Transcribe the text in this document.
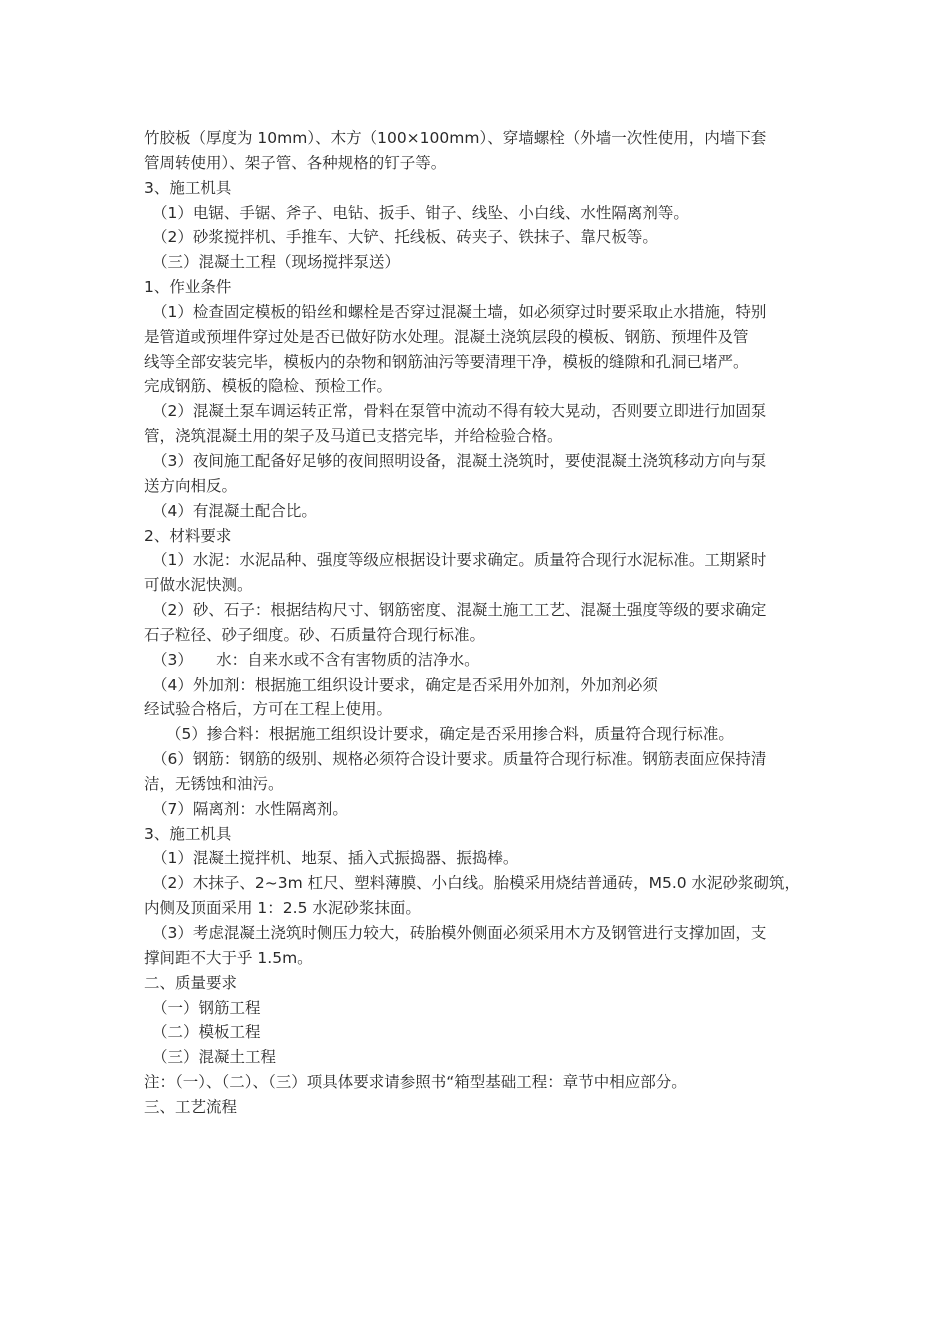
竹胶板（厚度为 10mm）、木方（100×100mm）、穿墙螺栓（外墙一次性使用，内墙下套
管周转使用）、架子管、各种规格的钉子等。
3、施工机具
（1）电锯、手锯、斧子、电钻、扳手、钳子、线坠、小白线、水性隔离剂等。
（2）砂浆搅拌机、手推车、大铲、托线板、砖夹子、铁抹子、靠尺板等。
（三）混凝土工程（现场搅拌泵送）
1、作业条件
（1）检查固定模板的铅丝和螺栓是否穿过混凝土墙，如必须穿过时要采取止水措施，特别
是管道或预埋件穿过处是否已做好防水处理。混凝土浇筑层段的模板、钢筋、预埋件及管
线等全部安装完毕，模板内的杂物和钢筋油污等要清理干净，模板的缝隙和孔洞已堵严。
完成钢筋、模板的隐检、预检工作。
（2）混凝土泵车调运转正常，骨料在泵管中流动不得有较大晃动，否则要立即进行加固泵
管，浇筑混凝土用的架子及马道已支搭完毕，并给检验合格。
（3）夜间施工配备好足够的夜间照明设备，混凝土浇筑时，要使混凝土浇筑移动方向与泵
送方向相反。
（4）有混凝土配合比。
2、材料要求
（1）水泥：水泥品种、强度等级应根据设计要求确定。质量符合现行水泥标准。工期紧时
可做水泥快测。
（2）砂、石子：根据结构尺寸、钢筋密度、混凝土施工工艺、混凝土强度等级的要求确定
石子粒径、砂子细度。砂、石质量符合现行标准。
（3）　　水：自来水或不含有害物质的洁净水。
（4）外加剂：根据施工组织设计要求，确定是否采用外加剂，外加剂必须
经试验合格后，方可在工程上使用。
（5）掺合料：根据施工组织设计要求，确定是否采用掺合料，质量符合现行标准。
（6）钢筋：钢筋的级别、规格必须符合设计要求。质量符合现行标准。钢筋表面应保持清
洁，无锈蚀和油污。
（7）隔离剂：水性隔离剂。
3、施工机具
（1）混凝土搅拌机、地泵、插入式振捣器、振捣棒。
（2）木抹子、2~3m 杠尺、塑料薄膜、小白线。胎模采用烧结普通砖，M5.0 水泥砂浆砌筑，
内侧及顶面采用 1：2.5 水泥砂浆抹面。
（3）考虑混凝土浇筑时侧压力较大，砖胎模外侧面必须采用木方及钢管进行支撑加固，支
撑间距不大于乎 1.5m。
二、质量要求
（一）钢筋工程
（二）模板工程
（三）混凝土工程
注：（一）、（二）、（三）项具体要求请参照书“箱型基础工程：章节中相应部分。
三、工艺流程
